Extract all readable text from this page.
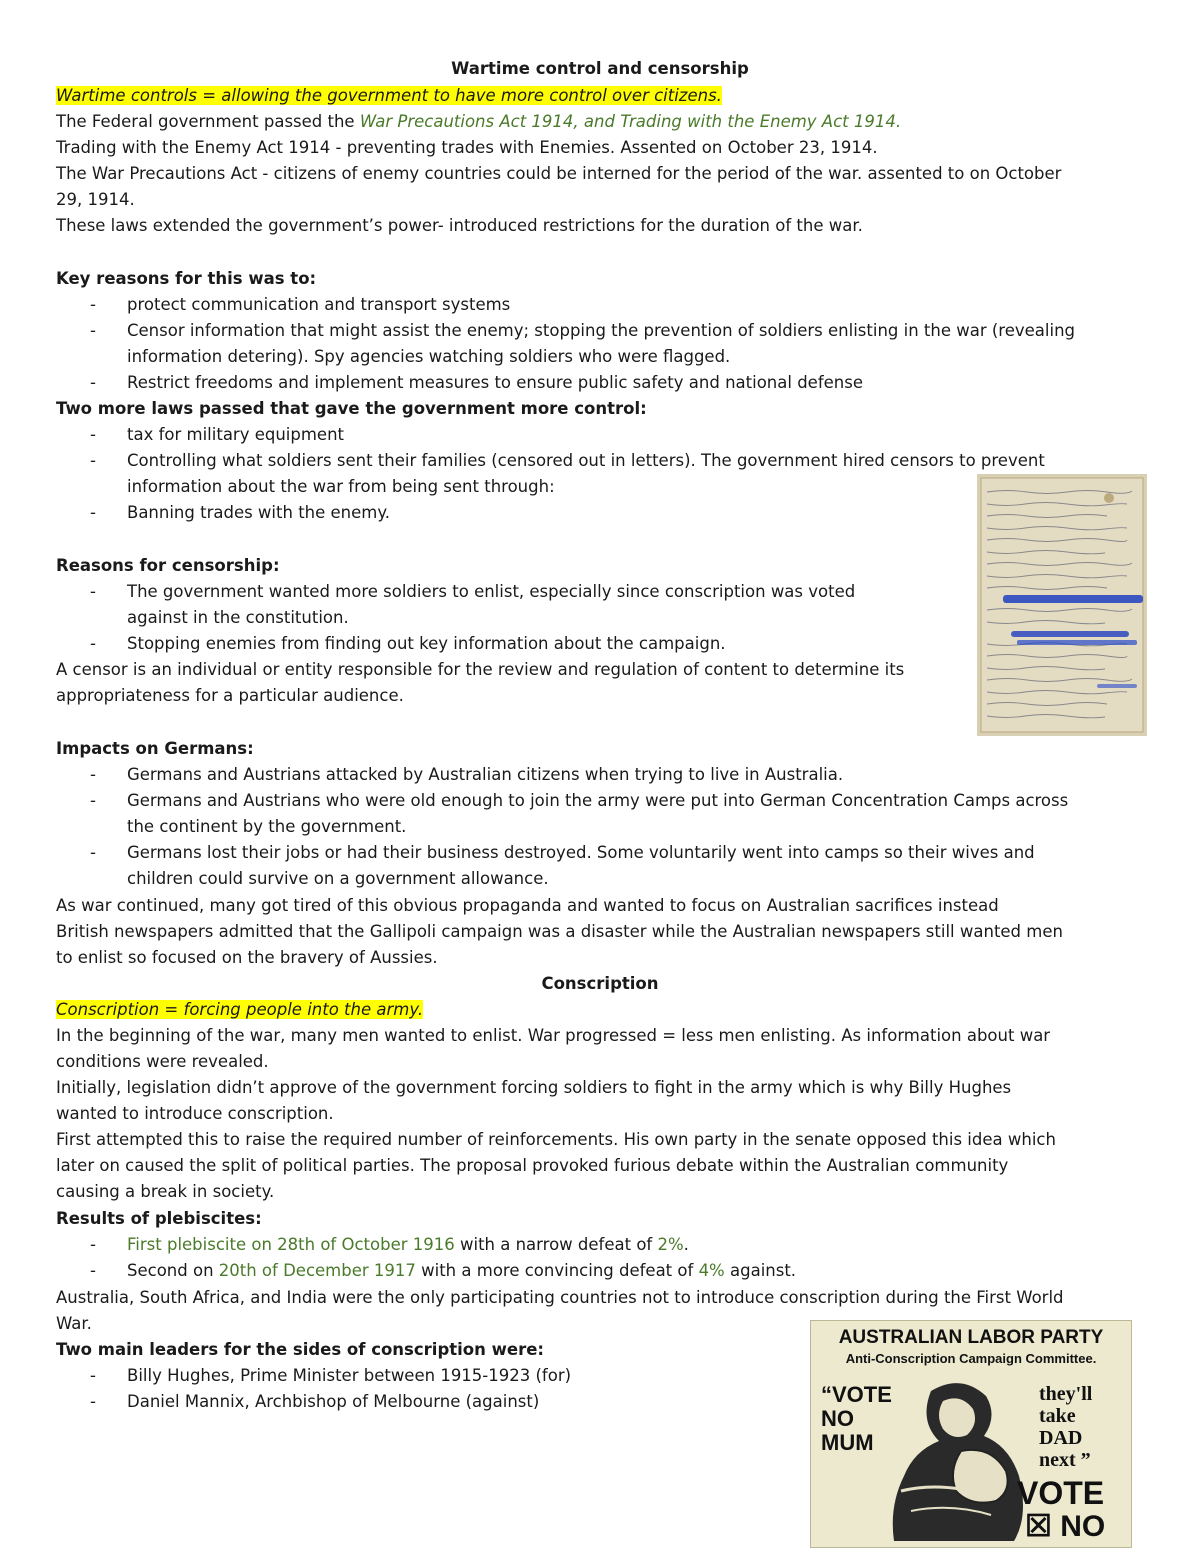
Wartime control and censorship
Wartime controls = allowing the government to have more control over citizens.
The Federal government passed the War Precautions Act 1914, and Trading with the Enemy Act 1914.
Trading with the Enemy Act 1914 - preventing trades with Enemies. Assented on October 23, 1914.
The War Precautions Act - citizens of enemy countries could be interned for the period of the war. assented to on October
29, 1914.
These laws extended the government’s power- introduced restrictions for the duration of the war.
Key reasons for this was to:
- protect communication and transport systems
- Censor information that might assist the enemy; stopping the prevention of soldiers enlisting in the war (revealing
information detering). Spy agencies watching soldiers who were flagged.
- Restrict freedoms and implement measures to ensure public safety and national defense
Two more laws passed that gave the government more control:
- tax for military equipment
- Controlling what soldiers sent their families (censored out in letters). The government hired censors to prevent
information about the war from being sent through:
- Banning trades with the enemy.
Reasons for censorship:
- The government wanted more soldiers to enlist, especially since conscription was voted
against in the constitution.
- Stopping enemies from finding out key information about the campaign.
A censor is an individual or entity responsible for the review and regulation of content to determine its
appropriateness for a particular audience.
Impacts on Germans:
- Germans and Austrians attacked by Australian citizens when trying to live in Australia.
- Germans and Austrians who were old enough to join the army were put into German Concentration Camps across
the continent by the government.
- Germans lost their jobs or had their business destroyed. Some voluntarily went into camps so their wives and
children could survive on a government allowance.
As war continued, many got tired of this obvious propaganda and wanted to focus on Australian sacrifices instead
British newspapers admitted that the Gallipoli campaign was a disaster while the Australian newspapers still wanted men
to enlist so focused on the bravery of Aussies.
Conscription
Conscription = forcing people into the army.
In the beginning of the war, many men wanted to enlist. War progressed = less men enlisting. As information about war
conditions were revealed.
Initially, legislation didn’t approve of the government forcing soldiers to fight in the army which is why Billy Hughes
wanted to introduce conscription.
First attempted this to raise the required number of reinforcements. His own party in the senate opposed this idea which
later on caused the split of political parties. The proposal provoked furious debate within the Australian community
causing a break in society.
Results of plebiscites:
- First plebiscite on 28th of October 1916 with a narrow defeat of 2%.
- Second on 20th of December 1917 with a more convincing defeat of 4% against.
Australia, South Africa, and India were the only participating countries not to introduce conscription during the First World
War.
Two main leaders for the sides of conscription were:
- Billy Hughes, Prime Minister between 1915-1923 (for)
- Daniel Mannix, Archbishop of Melbourne (against)
AUSTRALIAN LABOR PARTY
Anti-Conscription Campaign Committee.
“VOTE
NO
MUM
they'll
take
DAD
next ”
VOTE
☒ NO
